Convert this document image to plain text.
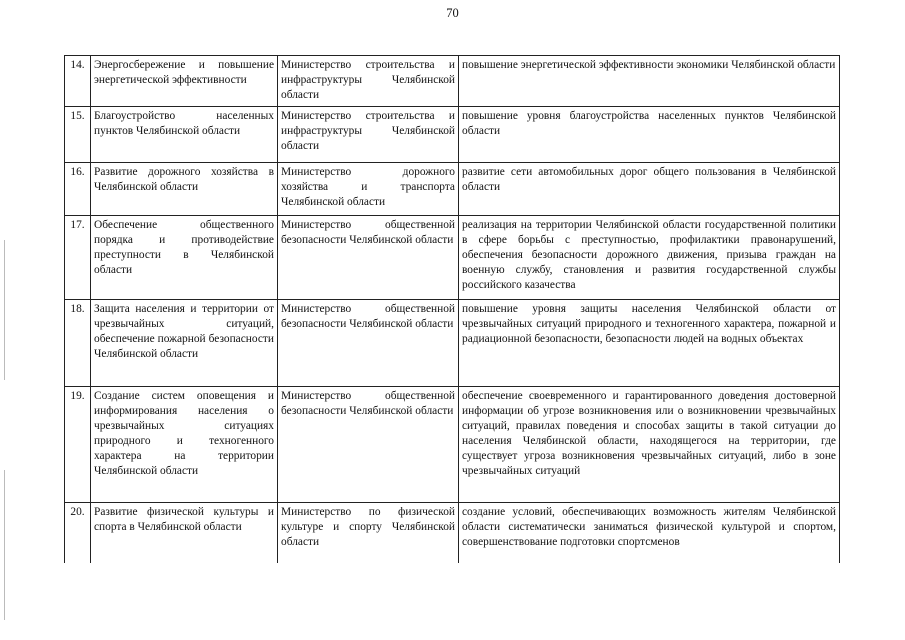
70
14.	Энергосбережение и повышение энергетической эффективности	Министерство строительства и инфраструктуры Челябинской области	повышение энергетической эффективности экономики Челябинской области
15.	Благоустройство населенных пунктов Челябинской области	Министерство строительства и инфраструктуры Челябинской области	повышение уровня благоустройства населенных пунктов Челябинской области
16.	Развитие дорожного хозяйства в Челябинской области	Министерство дорожного хозяйства и транспорта Челябинской области	развитие сети автомобильных дорог общего пользования в Челябинской области
17.	Обеспечение общественного порядка и противодействие преступности в Челябинской области	Министерство общественной безопасности Челябинской области	реализация на территории Челябинской области государственной политики в сфере борьбы с преступностью, профилактики правонарушений, обеспечения безопасности дорожного движения, призыва граждан на военную службу, становления и развития государственной службы российского казачества
18.	Защита населения и территории от чрезвычайных ситуаций, обеспечение пожарной безопасности Челябинской области	Министерство общественной безопасности Челябинской области	повышение уровня защиты населения Челябинской области от чрезвычайных ситуаций природного и техногенного характера, пожарной и радиационной безопасности, безопасности людей на водных объектах
19.	Создание систем оповещения и информирования населения о чрезвычайных ситуациях природного и техногенного характера на территории Челябинской области	Министерство общественной безопасности Челябинской области	обеспечение своевременного и гарантированного доведения достоверной информации об угрозе возникновения или о возникновении чрезвычайных ситуаций, правилах поведения и способах защиты в такой ситуации до населения Челябинской области, находящегося на территории, где существует угроза возникновения чрезвычайных ситуаций, либо в зоне чрезвычайных ситуаций
20.	Развитие физической культуры и спорта в Челябинской области	Министерство по физической культуре и спорту Челябинской области	создание условий, обеспечивающих возможность жителям Челябинской области систематически заниматься физической культурой и спортом, совершенствование подготовки спортсменов
